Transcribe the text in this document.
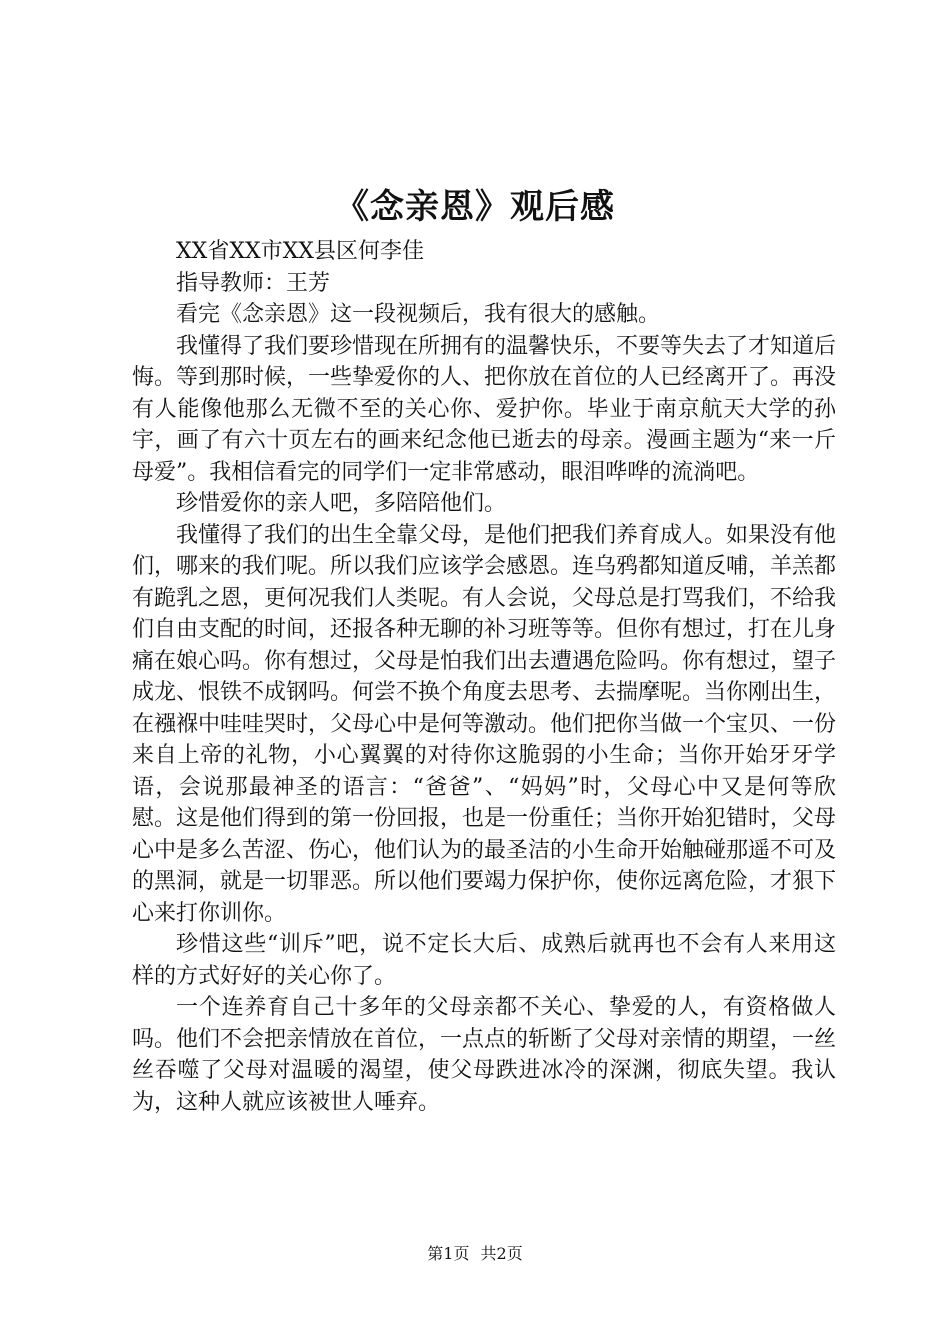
《念亲恩》观后感

XX省XX市XX县区何李佳

指导教师：王芳

看完《念亲恩》这一段视频后，我有很大的感触。

我懂得了我们要珍惜现在所拥有的温馨快乐，不要等失去了才知道后悔。等到那时候，一些挚爱你的人、把你放在首位的人已经离开了。再没有人能像他那么无微不至的关心你、爱护你。毕业于南京航天大学的孙宇，画了有六十页左右的画来纪念他已逝去的母亲。漫画主题为“来一斤母爱”。我相信看完的同学们一定非常感动，眼泪哗哗的流淌吧。

珍惜爱你的亲人吧，多陪陪他们。

我懂得了我们的出生全靠父母，是他们把我们养育成人。如果没有他们，哪来的我们呢。所以我们应该学会感恩。连乌鸦都知道反哺，羊羔都有跪乳之恩，更何况我们人类呢。有人会说，父母总是打骂我们，不给我们自由支配的时间，还报各种无聊的补习班等等。但你有想过，打在儿身痛在娘心吗。你有想过，父母是怕我们出去遭遇危险吗。你有想过，望子成龙、恨铁不成钢吗。何尝不换个角度去思考、去揣摩呢。当你刚出生，在襁褓中哇哇哭时，父母心中是何等激动。他们把你当做一个宝贝、一份来自上帝的礼物，小心翼翼的对待你这脆弱的小生命；当你开始牙牙学语，会说那最神圣的语言：“爸爸”、“妈妈”时，父母心中又是何等欣慰。这是他们得到的第一份回报，也是一份重任；当你开始犯错时，父母心中是多么苦涩、伤心，他们认为的最圣洁的小生命开始触碰那遥不可及的黑洞，就是一切罪恶。所以他们要竭力保护你，使你远离危险，才狠下心来打你训你。

珍惜这些“训斥”吧，说不定长大后、成熟后就再也不会有人来用这样的方式好好的关心你了。

一个连养育自己十多年的父母亲都不关心、挚爱的人，有资格做人吗。他们不会把亲情放在首位，一点点的斩断了父母对亲情的期望，一丝丝吞噬了父母对温暖的渴望，使父母跌进冰冷的深渊，彻底失望。我认为，这种人就应该被世人唾弃。

第1页 共2页
